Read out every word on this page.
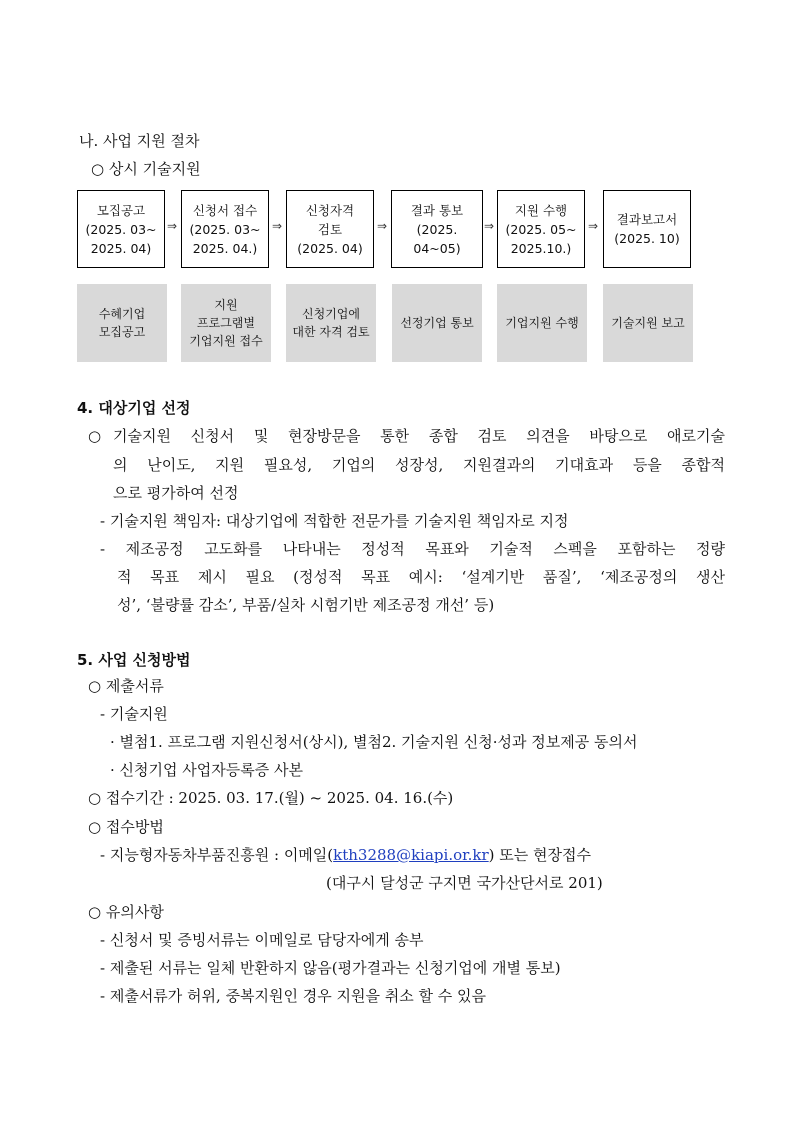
나. 사업 지원 절차
○ 상시 기술지원
모집공고
(2025. 03~
2025. 04)
신청서 접수
(2025. 03~
2025. 04.)
신청자격
검토
(2025. 04)
결과 통보
(2025. 04~05)
지원 수행
(2025. 05~
2025.10.)
결과보고서
(2025. 10)
⇒	⇒	⇒	⇒	⇒
수혜기업
모집공고
지원
프로그램별
기업지원 접수
신청기업에
대한 자격 검토
선정기업 통보	기업지원 수행	기술지원 보고
4. 대상기업 선정
○ 기술지원 신청서 및 현장방문을 통한 종합 검토 의견을 바탕으로 애로기술
의 난이도, 지원 필요성, 기업의 성장성, 지원결과의 기대효과 등을 종합적
으로 평가하여 선정
- 기술지원 책임자: 대상기업에 적합한 전문가를 기술지원 책임자로 지정
- 제조공정 고도화를 나타내는 정성적 목표와 기술적 스펙을 포함하는 정량
적 목표 제시 필요 (정성적 목표 예시: ‘설계기반 품질’, ‘제조공정의 생산
성’, ‘불량률 감소’, 부품/실차 시험기반 제조공정 개선’ 등)
5. 사업 신청방법
○ 제출서류
- 기술지원
· 별첨1. 프로그램 지원신청서(상시), 별첨2. 기술지원 신청·성과 정보제공 동의서
· 신청기업 사업자등록증 사본
○ 접수기간 : 2025. 03. 17.(월) ~ 2025. 04. 16.(수)
○ 접수방법
- 지능형자동차부품진흥원 : 이메일(kth3288@kiapi.or.kr) 또는 현장접수
(대구시 달성군 구지면 국가산단서로 201)
○ 유의사항
- 신청서 및 증빙서류는 이메일로 담당자에게 송부
- 제출된 서류는 일체 반환하지 않음(평가결과는 신청기업에 개별 통보)
- 제출서류가 허위, 중복지원인 경우 지원을 취소 할 수 있음
